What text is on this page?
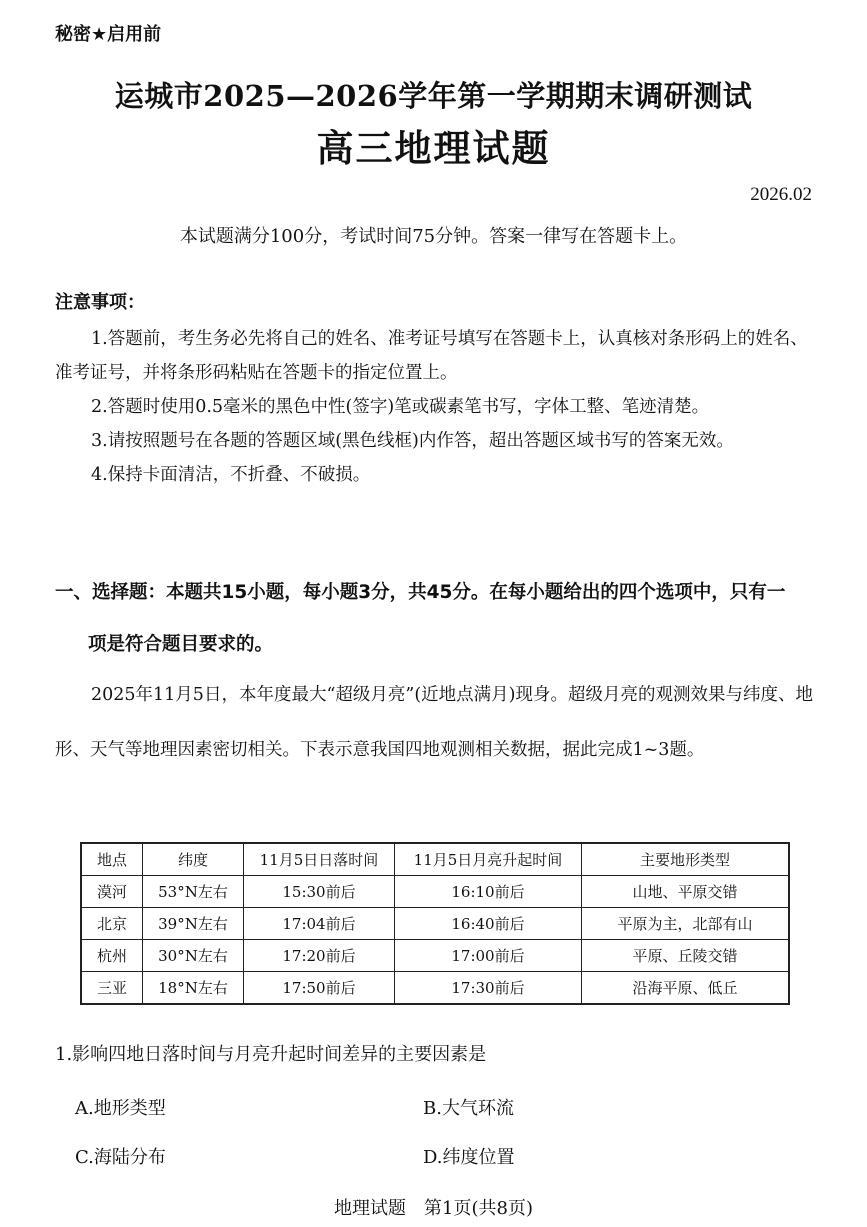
秘密★启用前
运城市2025—2026学年第一学期期末调研测试
高三地理试题
2026.02
本试题满分100分，考试时间75分钟。答案一律写在答题卡上。
注意事项：
1.答题前，考生务必先将自己的姓名、准考证号填写在答题卡上，认真核对条形码上的姓名、准考证号，并将条形码粘贴在答题卡的指定位置上。
2.答题时使用0.5毫米的黑色中性(签字)笔或碳素笔书写，字体工整、笔迹清楚。
3.请按照题号在各题的答题区域(黑色线框)内作答，超出答题区域书写的答案无效。
4.保持卡面清洁，不折叠、不破损。
一、选择题：本题共15小题，每小题3分，共45分。在每小题给出的四个选项中，只有一
项是符合题目要求的。
2025年11月5日，本年度最大“超级月亮”(近地点满月)现身。超级月亮的观测效果与纬度、地形、天气等地理因素密切相关。下表示意我国四地观测相关数据，据此完成1~3题。
地点	纬度	11月5日日落时间	11月5日月亮升起时间	主要地形类型
漠河	53°N左右	15:30前后	16:10前后	山地、平原交错
北京	39°N左右	17:04前后	16:40前后	平原为主，北部有山
杭州	30°N左右	17:20前后	17:00前后	平原、丘陵交错
三亚	18°N左右	17:50前后	17:30前后	沿海平原、低丘
1.影响四地日落时间与月亮升起时间差异的主要因素是
A.地形类型	B.大气环流
C.海陆分布	D.纬度位置
地理试题　第1页(共8页)
